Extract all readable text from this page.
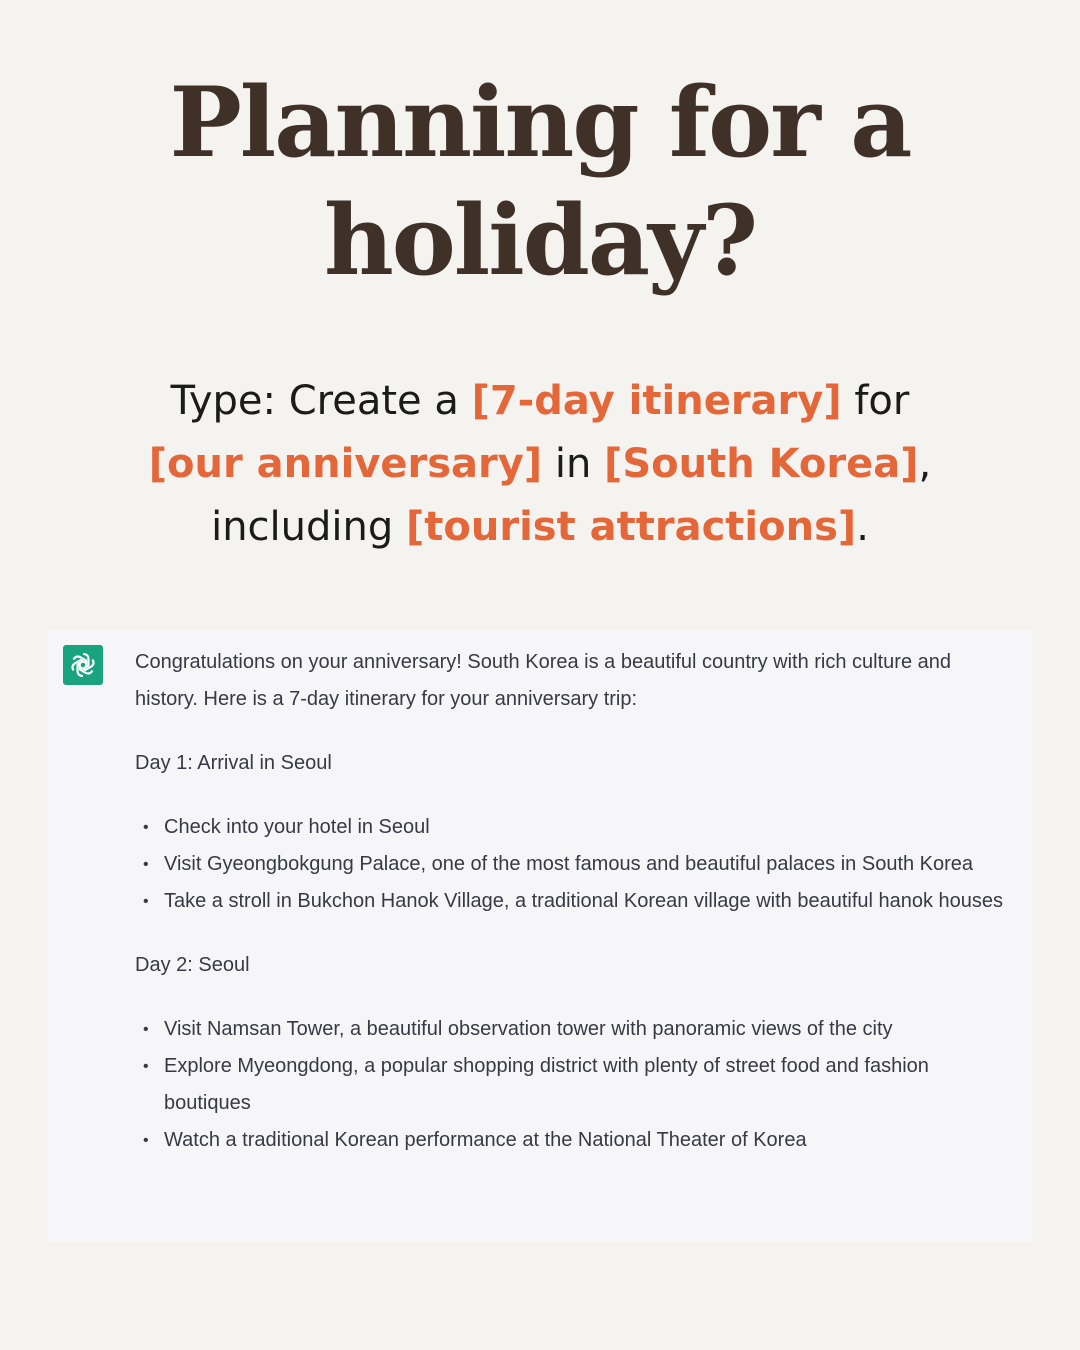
Planning for a
holiday?

Type: Create a [7-day itinerary] for [our anniversary] in [South Korea], including [tourist attractions].

Congratulations on your anniversary! South Korea is a beautiful country with rich culture and history. Here is a 7-day itinerary for your anniversary trip:

Day 1: Arrival in Seoul

• Check into your hotel in Seoul
• Visit Gyeongbokgung Palace, one of the most famous and beautiful palaces in South Korea
• Take a stroll in Bukchon Hanok Village, a traditional Korean village with beautiful hanok houses

Day 2: Seoul

• Visit Namsan Tower, a beautiful observation tower with panoramic views of the city
• Explore Myeongdong, a popular shopping district with plenty of street food and fashion boutiques
• Watch a traditional Korean performance at the National Theater of Korea
